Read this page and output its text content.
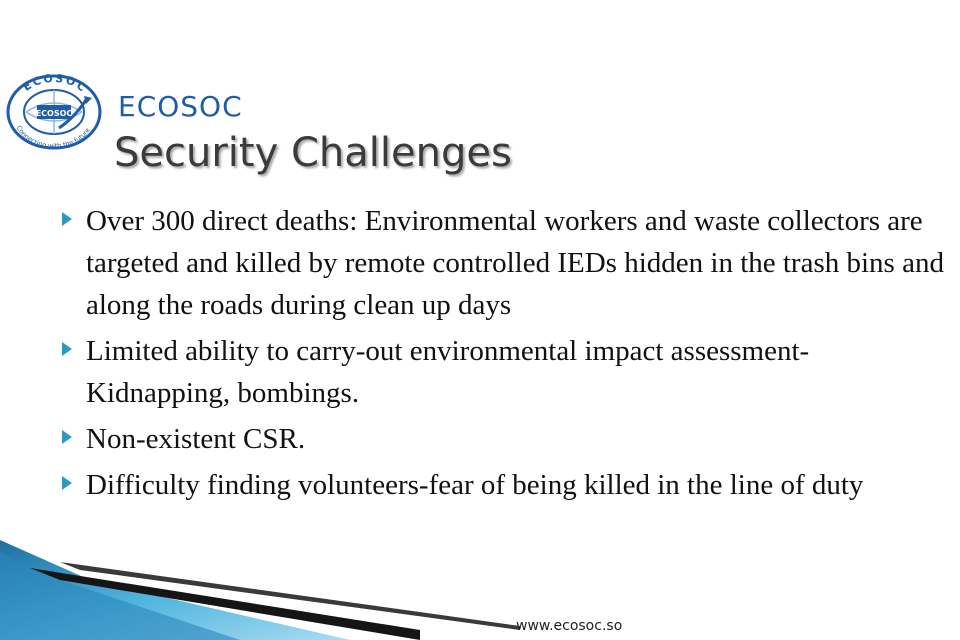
ECOSOC
ECOSOC
Connecting with the future
ECOSOC
Security Challenges
Over 300 direct deaths: Environmental workers and waste collectors are targeted and killed by remote controlled IEDs hidden in the trash bins and along the roads during clean up days
Limited ability to carry-out environmental impact assessment- Kidnapping, bombings.
Non-existent CSR.
Difficulty finding volunteers-fear of being killed in the line of duty
www.ecosoc.so
